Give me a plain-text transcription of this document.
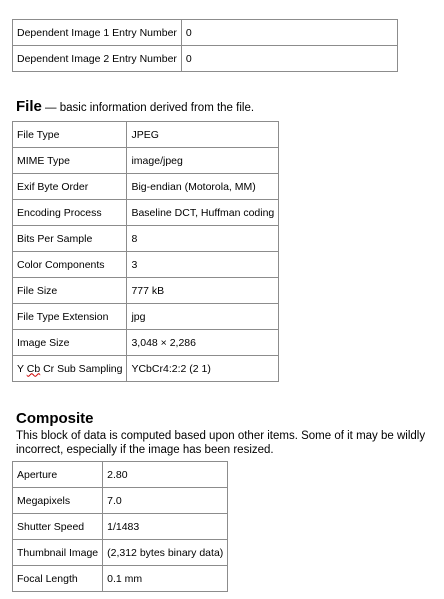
Dependent Image 1 Entry Number	0
Dependent Image 2 Entry Number	0
File — basic information derived from the file.
File Type	JPEG
MIME Type	image/jpeg
Exif Byte Order	Big-endian (Motorola, MM)
Encoding Process	Baseline DCT, Huffman coding
Bits Per Sample	8
Color Components	3
File Size	777 kB
File Type Extension	jpg
Image Size	3,048 × 2,286
Y Cb Cr Sub Sampling	YCbCr4:2:2 (2 1)
Composite

This block of data is computed based upon other items. Some of it may be wildly incorrect, especially if the image has been resized.

Aperture	2.80
Megapixels	7.0
Shutter Speed	1/1483
Thumbnail Image	(2,312 bytes binary data)
Focal Length	0.1 mm
